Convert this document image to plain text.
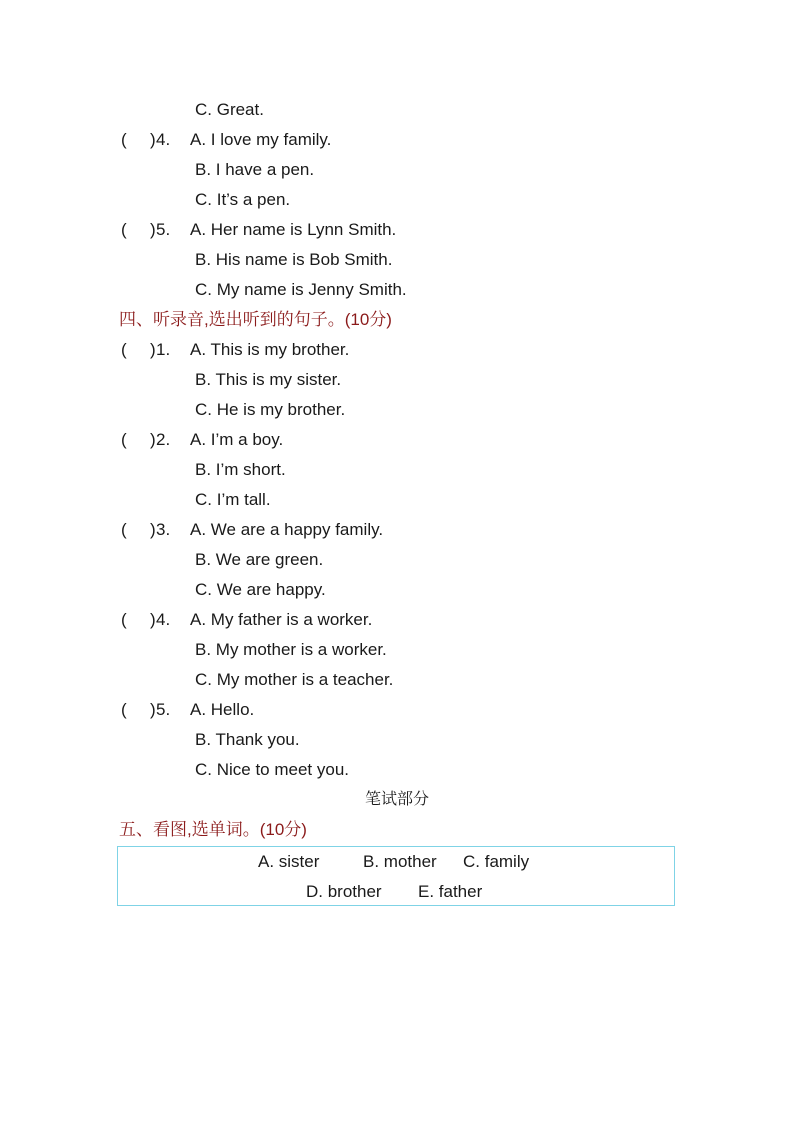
C. Great.
( ) 4. A. I love my family.
B. I have a pen.
C. It’s a pen.
( ) 5. A. Her name is Lynn Smith.
B. His name is Bob Smith.
C. My name is Jenny Smith.
四、听录音,选出听到的句子。(10分)
( ) 1. A. This is my brother.
B. This is my sister.
C. He is my brother.
( ) 2. A. I’m a boy.
B. I’m short.
C. I’m tall.
( ) 3. A. We are a happy family.
B. We are green.
C. We are happy.
( ) 4. A. My father is a worker.
B. My mother is a worker.
C. My mother is a teacher.
( ) 5. A. Hello.
B. Thank you.
C. Nice to meet you.
笔试部分
五、看图,选单词。(10分)
A. sister	B. mother C. family
D. brother E. father
